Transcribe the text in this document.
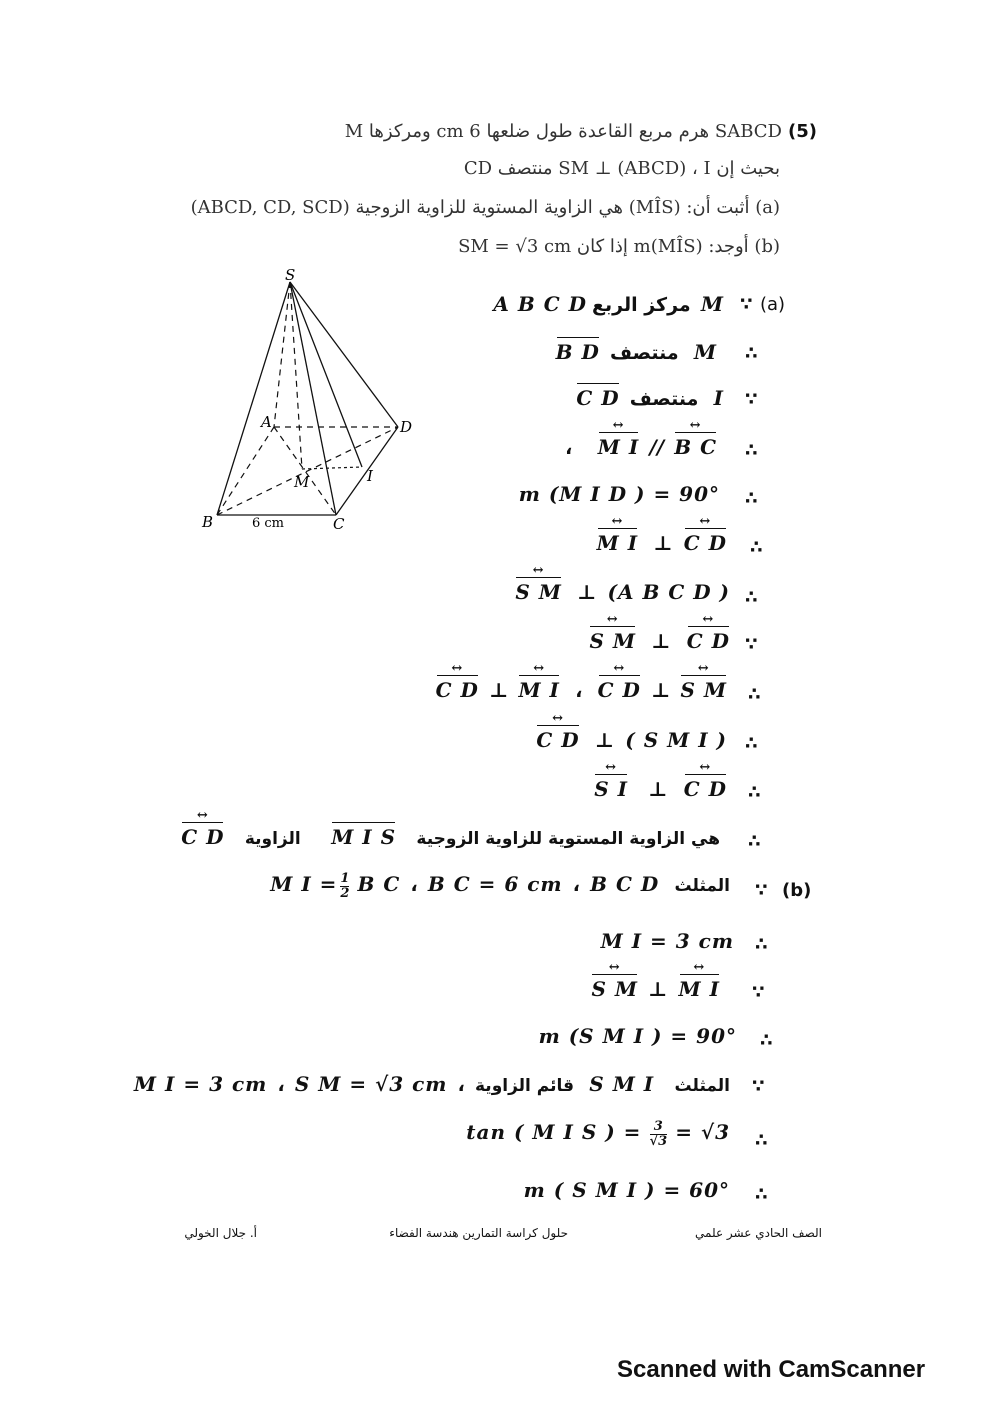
(5)
SABCD هرم مربع القاعدة طول ضلعها 6 cm ومركزها M
بحيث إن SM ⊥ (ABCD) ، I منتصف CD
(a) أثبت أن: (MÎS) هي الزاوية المستوية للزاوية الزوجية (ABCD, CD, SCD)
(b) أوجد: m(MÎS) إذا كان SM = √3 cm
S
A	D
M	I
B	C
6 cm
∵ (a)
A B C D مركز الربع M
∴
B D منتصف M
∵
C D منتصف I
∴
، M I ↔ // B C ↔
∴
m (M I D ) = 90°
∴
M I ↔ ⊥ C D ↔
∴
S M ↔ ⊥ (A B C D )
∵
S M ↔ ⊥ C D ↔
∴
C D ↔ ⊥ M I ↔ ، C D ↔ ⊥ S M ↔
∴
C D ↔ ⊥ ( S M I )
∴
S I ↔ ⊥ C D ↔
∴
C D ↔	هي الزاوية المستوية للزاوية الزوجية    M I S      الزاوية
∵ (b)
M $I = \frac{1}{2}$ B C ، B C = 6 cm ، B C D المثلث
∴
M I = 3 cm
∵
S M ↔ ⊥ M I ↔
∴
m (S M I ) = 90°
∵
M I = 3 cm ، S M = √3 cm ، قائم الزاوية S M I المثلث
∴
tan ( M I S ) = $\frac{3}{√3} = √3$
∴
m ( S M I ) = 60°
الصف الحادي عشر علمي
حلول كراسة التمارين هندسة الفضاء
أ. جلال الخولي
Scanned with CamScanner
